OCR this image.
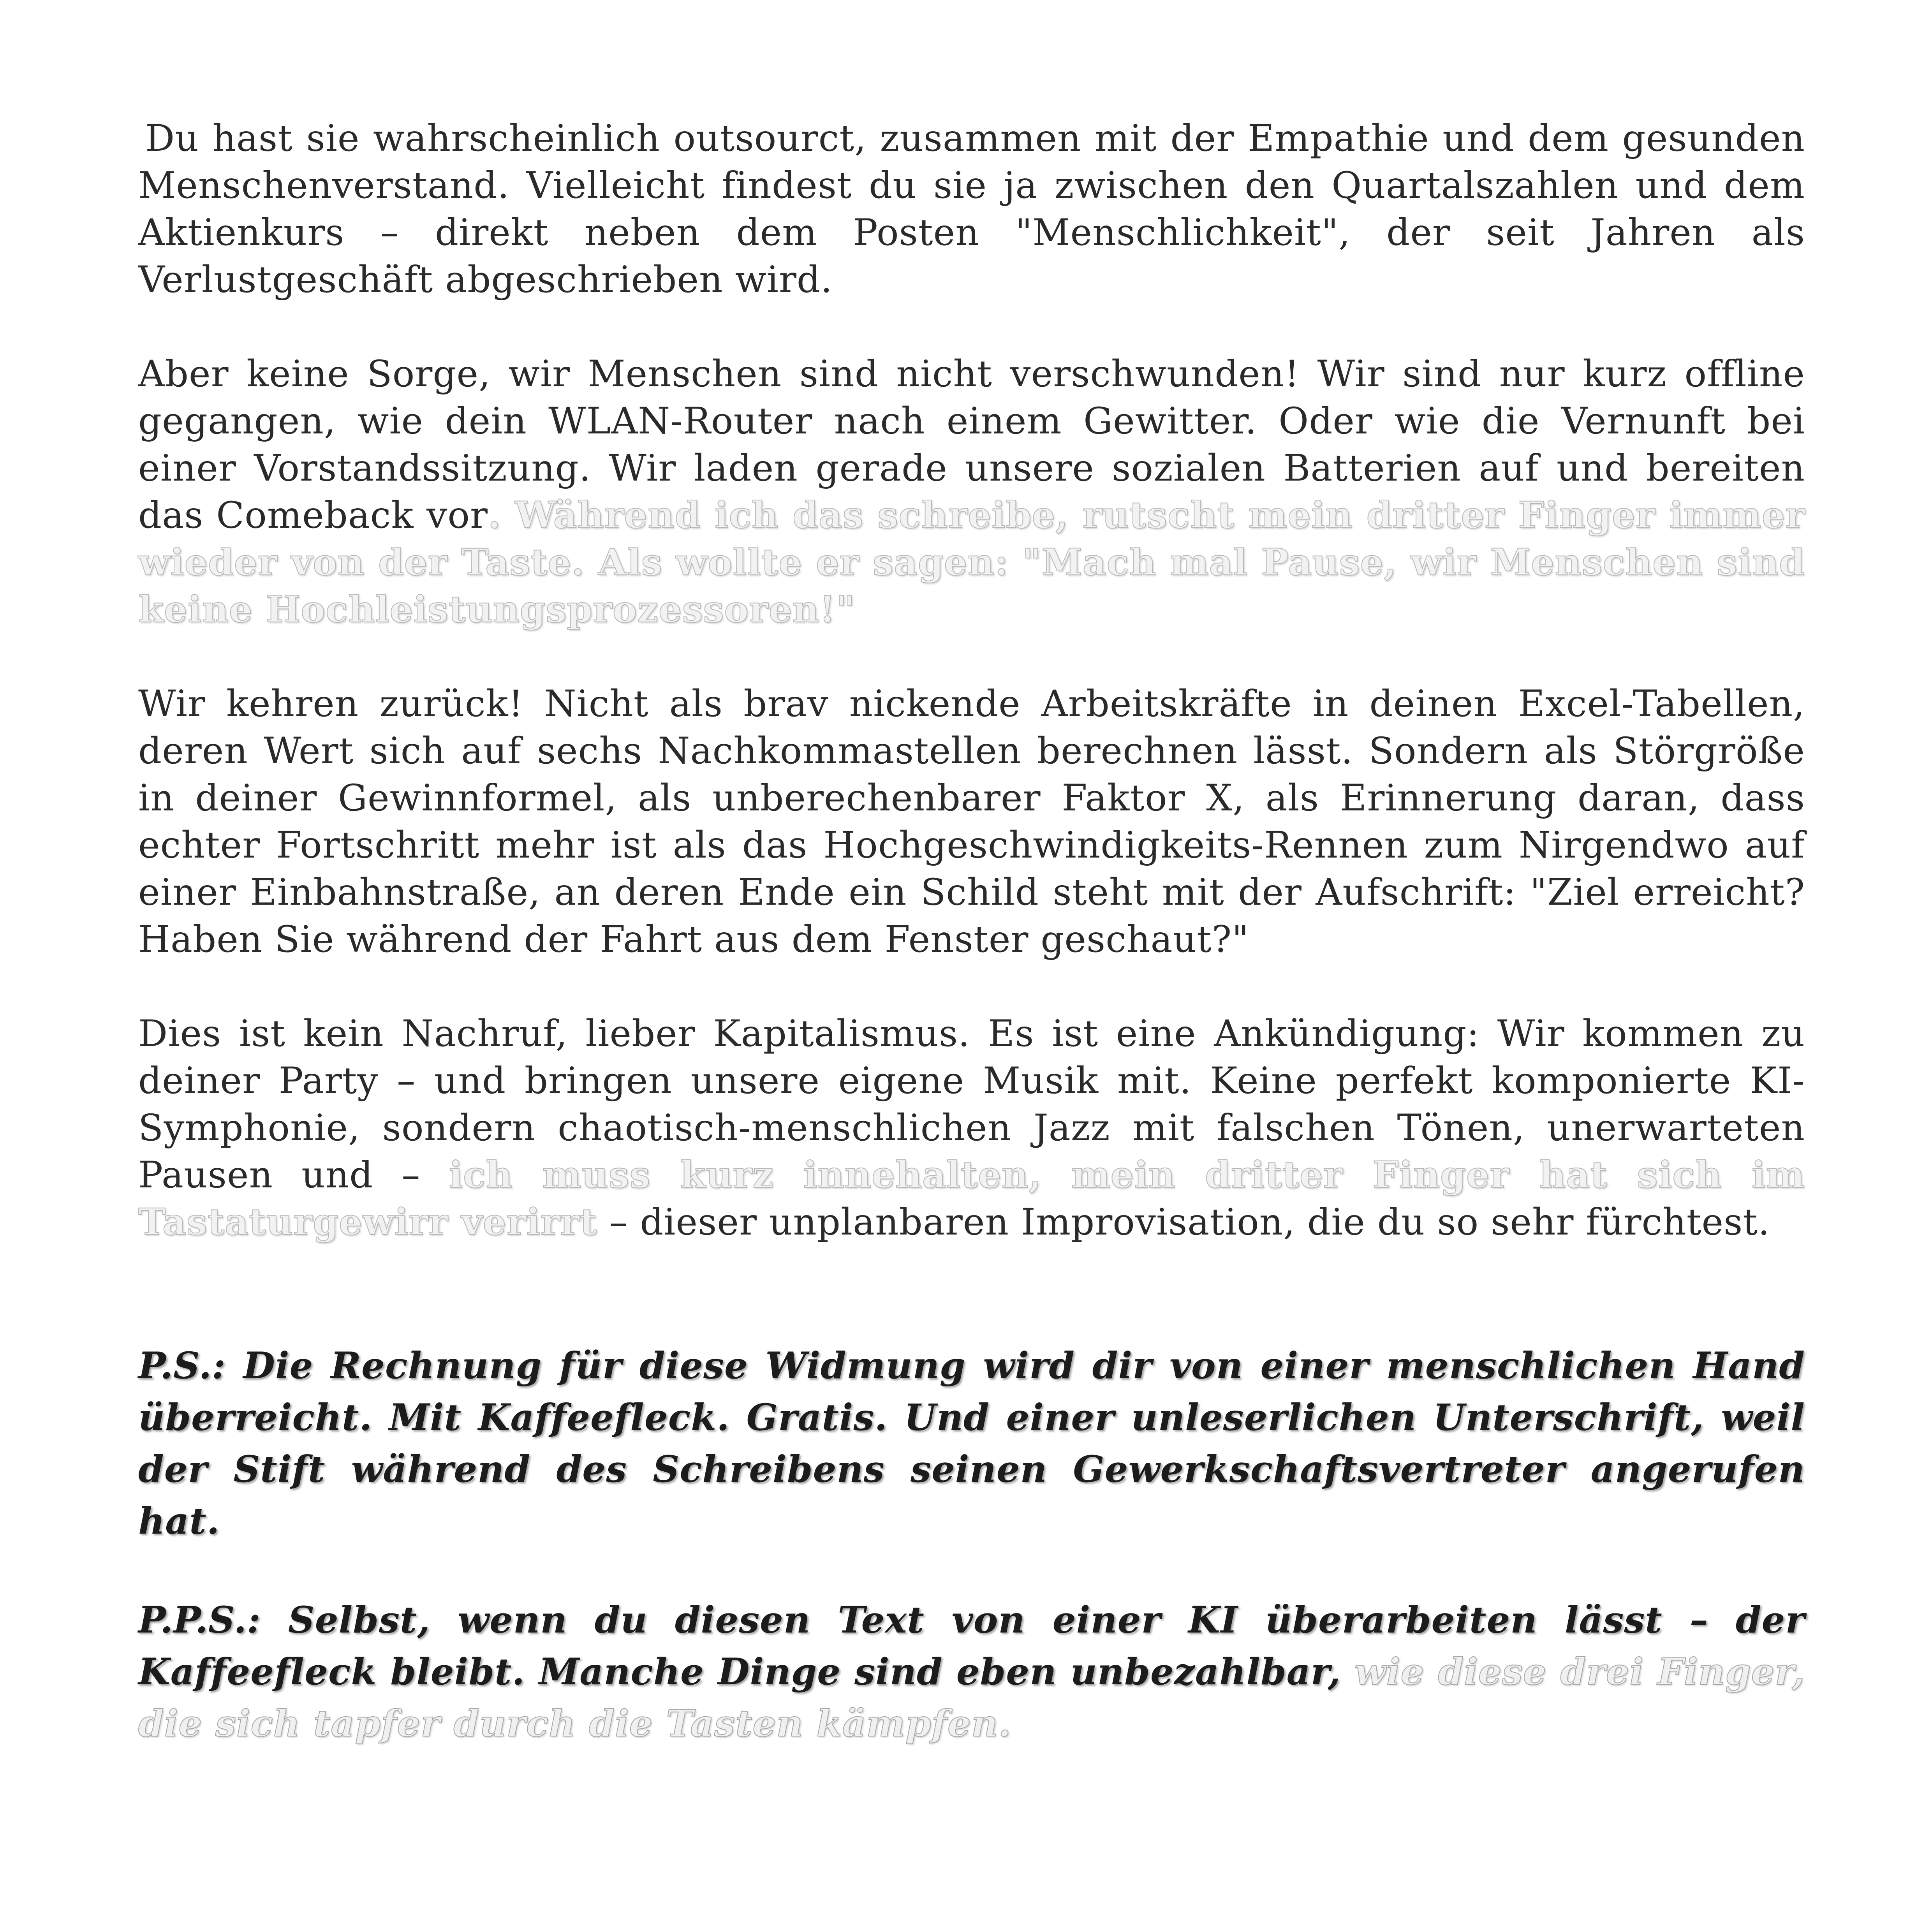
Du hast sie wahrscheinlich outsourct, zusammen mit der Empathie und dem gesunden Menschenverstand. Vielleicht findest du sie ja zwischen den Quartalszahlen und dem Aktienkurs – direkt neben dem Posten "Menschlichkeit", der seit Jahren als Verlustgeschäft abgeschrieben wird.

Aber keine Sorge, wir Menschen sind nicht verschwunden! Wir sind nur kurz offline gegangen, wie dein WLAN-Router nach einem Gewitter. Oder wie die Vernunft bei einer Vorstandssitzung. Wir laden gerade unsere sozialen Batterien auf und bereiten das Comeback vor. Während ich das schreibe, rutscht mein dritter Finger immer wieder von der Taste. Als wollte er sagen: "Mach mal Pause, wir Menschen sind keine Hochleistungsprozessoren!"

Wir kehren zurück! Nicht als brav nickende Arbeitskräfte in deinen Excel-Tabellen, deren Wert sich auf sechs Nachkommastellen berechnen lässt. Sondern als Störgröße in deiner Gewinnformel, als unberechenbarer Faktor X, als Erinnerung daran, dass echter Fortschritt mehr ist als das Hochgeschwindigkeits-Rennen zum Nirgendwo auf einer Einbahnstraße, an deren Ende ein Schild steht mit der Aufschrift: "Ziel erreicht? Haben Sie während der Fahrt aus dem Fenster geschaut?"

Dies ist kein Nachruf, lieber Kapitalismus. Es ist eine Ankündigung: Wir kommen zu deiner Party – und bringen unsere eigene Musik mit. Keine perfekt komponierte KI-Symphonie, sondern chaotisch-menschlichen Jazz mit falschen Tönen, unerwarteten Pausen und – ich muss kurz innehalten, mein dritter Finger hat sich im Tastaturgewirr verirrt – dieser unplanbaren Improvisation, die du so sehr fürchtest.

P.S.: Die Rechnung für diese Widmung wird dir von einer menschlichen Hand überreicht. Mit Kaffeefleck. Gratis. Und einer unleserlichen Unterschrift, weil der Stift während des Schreibens seinen Gewerkschaftsvertreter angerufen hat.

P.P.S.: Selbst, wenn du diesen Text von einer KI überarbeiten lässt – der Kaffeefleck bleibt. Manche Dinge sind eben unbezahlbar, wie diese drei Finger, die sich tapfer durch die Tasten kämpfen.
